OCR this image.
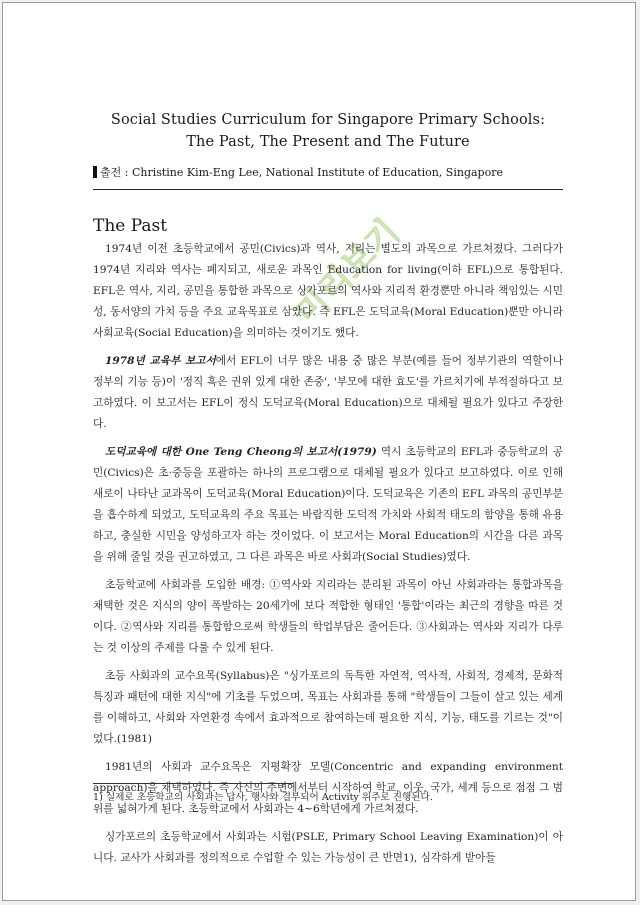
미리보기
Social Studies Curriculum for Singapore Primary Schools:
The Past, The Present and The Future
출전 : Christine Kim-Eng Lee, National Institute of Education, Singapore
The Past

1974년 이전 초등학교에서 공민(Civics)과 역사, 지리는 별도의 과목으로 가르쳐졌다. 그러다가 1974년 지리와 역사는 폐지되고, 새로운 과목인 Education for living(이하 EFL)으로 통합된다. EFL은 역사, 지리, 공민을 통합한 과목으로 싱가포르의 역사와 지리적 환경뿐만 아니라 책임있는 시민성, 동서양의 가치 등을 주요 교육목표로 삼았다. 즉 EFL은 도덕교육(Moral Education)뿐만 아니라 사회교육(Social Education)을 의미하는 것이기도 했다.

1978년 교육부 보고서에서 EFL이 너무 많은 내용 중 많은 부분(예를 들어 정부기관의 역할이나 정부의 기능 등)이 '정직 혹은 권위 있게 대한 존중', '부모에 대한 효도'를 가르치기에 부적절하다고 보고하였다. 이 보고서는 EFL이 정식 도덕교육(Moral Education)으로 대체될 필요가 있다고 주장한다.

도덕교육에 대한 One Teng Cheong의 보고서(1979) 역시 초등학교의 EFL과 중등학교의 공민(Civics)은 초·중등을 포괄하는 하나의 프로그램으로 대체될 필요가 있다고 보고하였다. 이로 인해 새로이 나타난 교과목이 도덕교육(Moral Education)이다. 도덕교육은 기존의 EFL 과목의 공민부분을 흡수하게 되었고, 도덕교육의 주요 목표는 바람직한 도덕적 가치와 사회적 태도의 함양을 통해 유용하고, 충실한 시민을 양성하고자 하는 것이었다. 이 보고서는 Moral Education의 시간을 다른 과목을 위해 줄일 것을 권고하였고, 그 다른 과목은 바로 사회과(Social Studies)였다.

초등학교에 사회과를 도입한 배경: ①역사와 지리라는 분리된 과목이 아닌 사회과라는 통합과목을 채택한 것은 지식의 양이 폭발하는 20세기에 보다 적합한 형태인 '통합'이라는 최근의 경향을 따른 것이다. ②역사와 지리를 통합함으로써 학생들의 학업부담은 줄어든다. ③사회과는 역사와 지리가 다루는 것 이상의 주제를 다룰 수 있게 된다.

초등 사회과의 교수요목(Syllabus)은 "싱가포르의 독특한 자연적, 역사적, 사회적, 경제적, 문화적 특징과 패턴에 대한 지식"에 기초를 두었으며, 목표는 사회과를 통해 "학생들이 그들이 살고 있는 세계를 이해하고, 사회와 자연환경 속에서 효과적으로 참여하는데 필요한 지식, 기능, 태도를 기르는 것"이었다.(1981)

1981년의 사회과 교수요목은 지평확장 모델(Concentric and expanding environment approach)을 채택하였다. 즉 자신의 주변에서부터 시작하여 학교, 이웃, 국가, 세계 등으로 점점 그 범위를 넓혀가게 된다. 초등학교에서 사회과는 4~6학년에게 가르쳐졌다.

싱가포르의 초등학교에서 사회과는 시험(PSLE, Primary School Leaving Examination)이 아니다. 교사가 사회과를 정의적으로 수업할 수 있는 가능성이 큰 반면1), 심각하게 받아들

1) 실제로 초등학교의 사회과는 답사, 행사와 결부되어 Activity 위주로 진행된다.
